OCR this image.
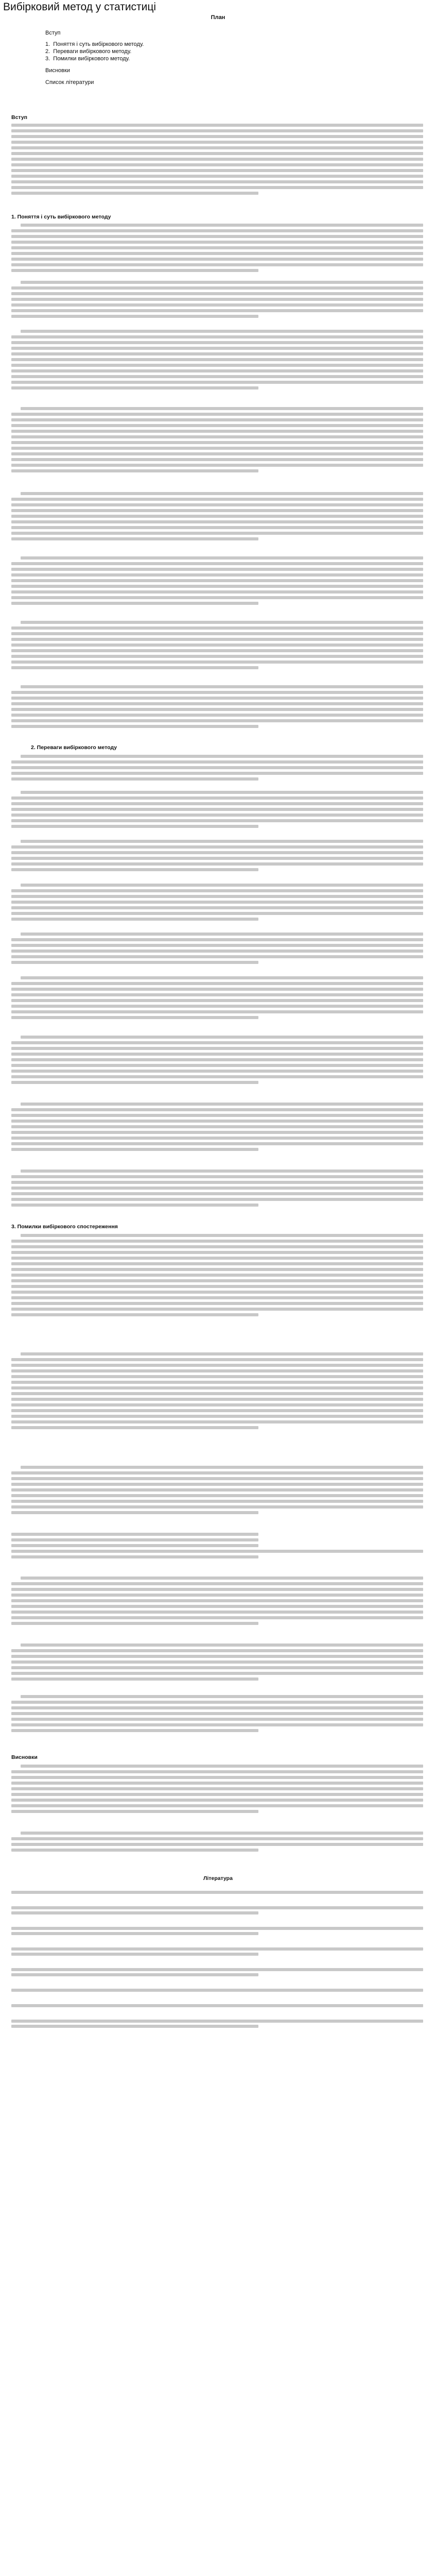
Вибірковий метод у статистиці
План
Вступ
1.  Поняття і суть вибіркового методу.
2.  Переваги вибіркового методу.
3.  Помилки вибіркового методу.
Висновки
Список літератури
Вступ
1. Поняття і суть вибіркового методу
2. Переваги вибіркового методу
3. Помилки вибіркового спостереження
Висновки
Література
